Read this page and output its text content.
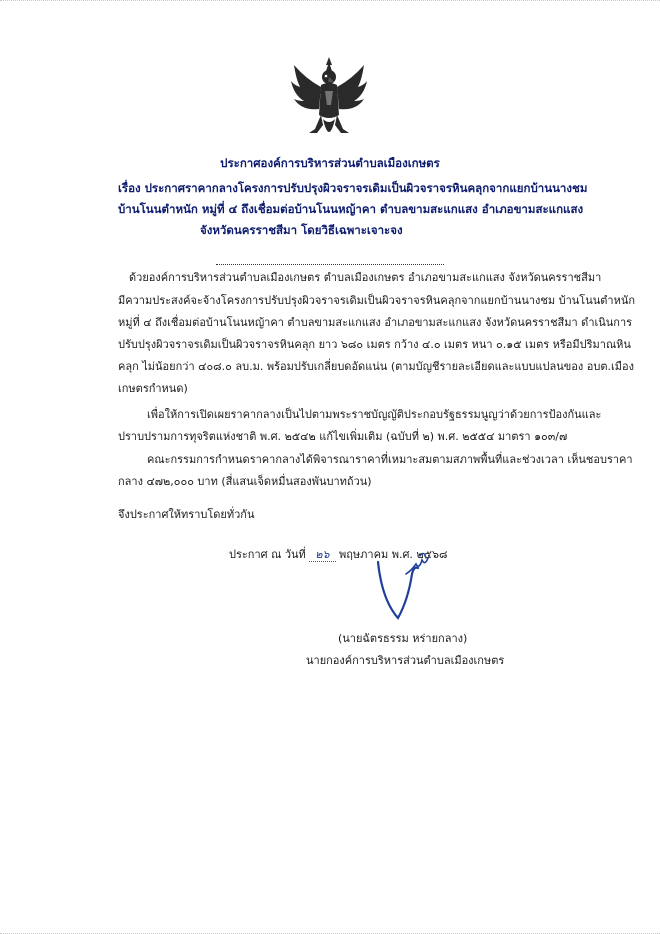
ประกาศองค์การบริหารส่วนตำบลเมืองเกษตร
เรื่อง ประกาศราคากลางโครงการปรับปรุงผิวจราจรเดิมเป็นผิวจราจรหินคลุกจากแยกบ้านนางชม
บ้านโนนตำหนัก หมู่ที่ ๔ ถึงเชื่อมต่อบ้านโนนหญ้าคา ตำบลขามสะแกแสง อำเภอขามสะแกแสง
จังหวัดนครราชสีมา โดยวิธีเฉพาะเจาะจง
ด้วยองค์การบริหารส่วนตำบลเมืองเกษตร ตำบลเมืองเกษตร อำเภอขามสะแกแสง จังหวัดนครราชสีมา
มีความประสงค์จะจ้างโครงการปรับปรุงผิวจราจรเดิมเป็นผิวจราจรหินคลุกจากแยกบ้านนางชม บ้านโนนตำหนัก
หมู่ที่ ๔ ถึงเชื่อมต่อบ้านโนนหญ้าคา ตำบลขามสะแกแสง อำเภอขามสะแกแสง จังหวัดนครราชสีมา ดำเนินการ
ปรับปรุงผิวจราจรเดิมเป็นผิวจราจรหินคลุก ยาว ๖๘๐ เมตร กว้าง ๔.๐ เมตร หนา ๐.๑๕ เมตร หรือมีปริมาณหิน
คลุก ไม่น้อยกว่า ๔๐๘.๐ ลบ.ม. พร้อมปรับเกลี่ยบดอัดแน่น (ตามบัญชีรายละเอียดและแบบแปลนของ อบต.เมือง
เกษตรกำหนด)
เพื่อให้การเปิดเผยราคากลางเป็นไปตามพระราชบัญญัติประกอบรัฐธรรมนูญว่าด้วยการป้องกันและ
ปราบปรามการทุจริตแห่งชาติ พ.ศ. ๒๕๔๒ แก้ไขเพิ่มเติม (ฉบับที่ ๒) พ.ศ. ๒๕๕๔ มาตรา ๑๐๓/๗
คณะกรรมการกำหนดราคากลางได้พิจารณาราคาที่เหมาะสมตามสภาพพื้นที่และช่วงเวลา เห็นชอบราคา
กลาง ๔๗๒,๐๐๐ บาท (สี่แสนเจ็ดหมื่นสองพันบาทถ้วน)
จึงประกาศให้ทราบโดยทั่วกัน
ประกาศ ณ วันที่ ๒๖ พฤษภาคม พ.ศ. ๒๕๖๘
(นายฉัตรธรรม หร่ายกลาง)
นายกองค์การบริหารส่วนตำบลเมืองเกษตร
